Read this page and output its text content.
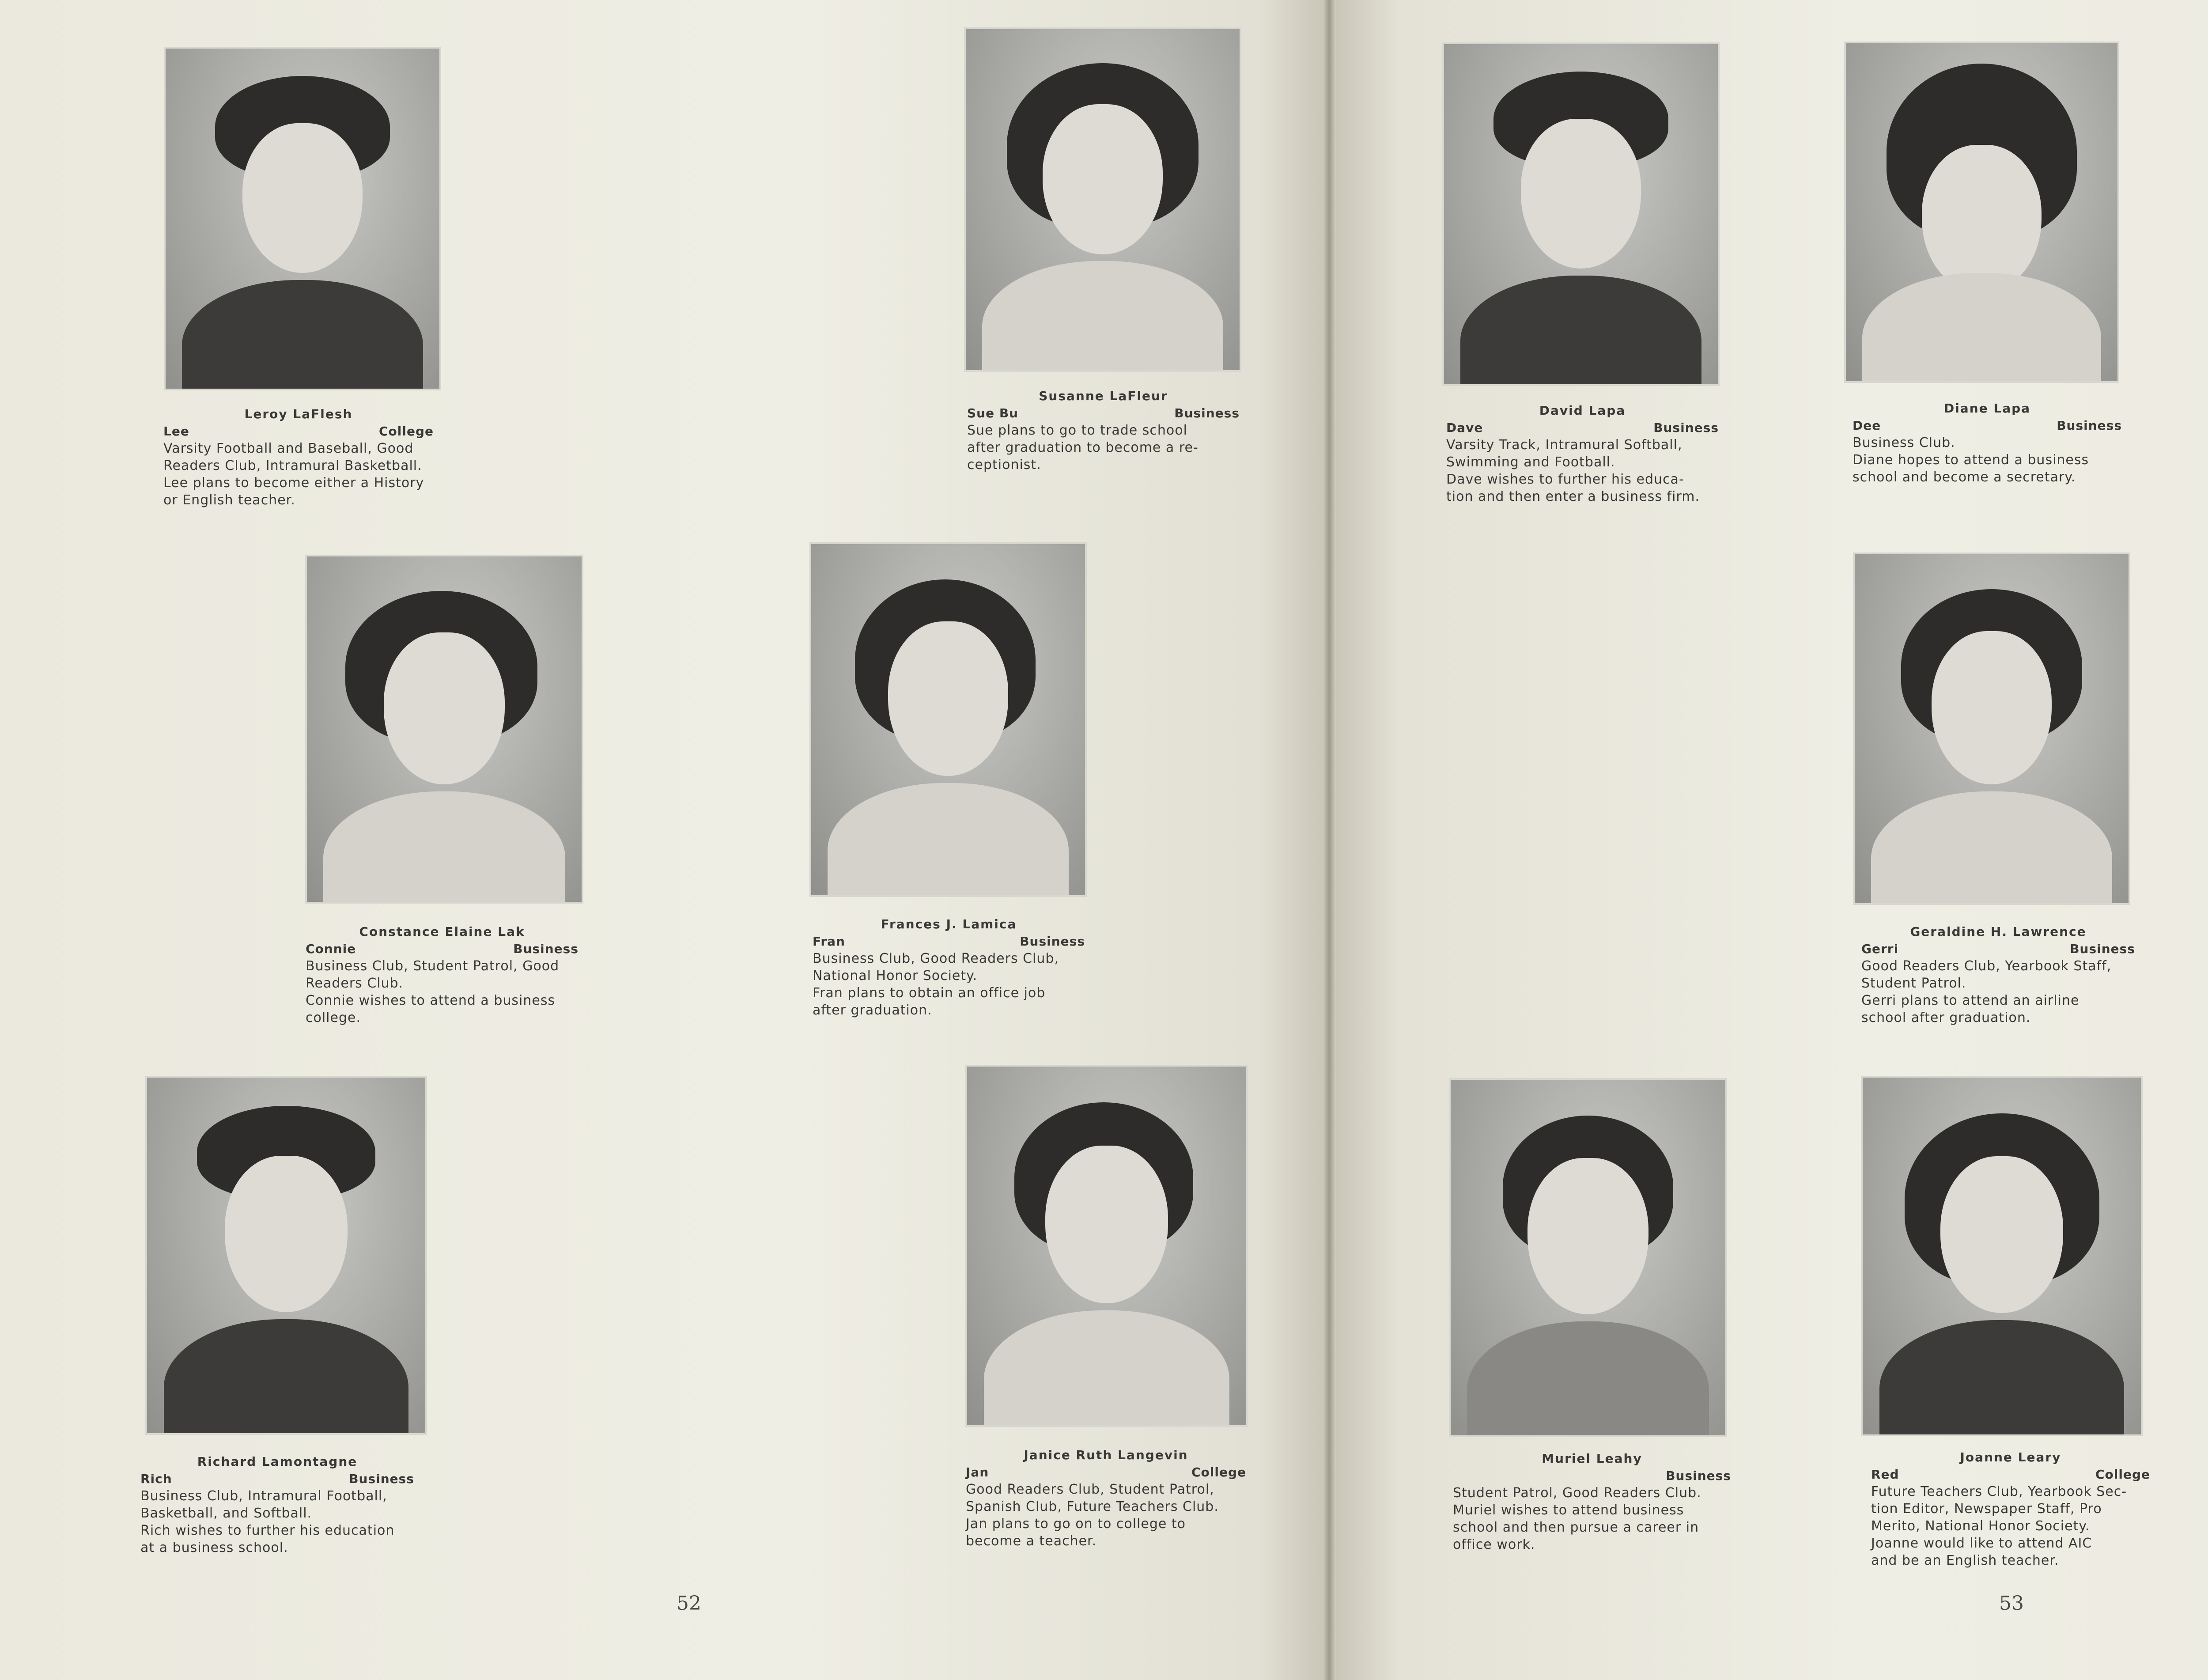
Leroy LaFlesh
Lee	College
Varsity Football and Baseball, Good
Readers Club, Intramural Basketball.
Lee plans to become either a History
or English teacher.
Susanne LaFleur
Sue Bu	Business
Sue plans to go to trade school
after graduation to become a re-
ceptionist.
Constance Elaine Lak
Connie	Business
Business Club, Student Patrol, Good
Readers Club.
Connie wishes to attend a business
college.
Frances J. Lamica
Fran	Business
Business Club, Good Readers Club,
National Honor Society.
Fran plans to obtain an office job
after graduation.
Richard Lamontagne
Rich	Business
Business Club, Intramural Football,
Basketball, and Softball.
Rich wishes to further his education
at a business school.
Janice Ruth Langevin
Jan	College
Good Readers Club, Student Patrol,
Spanish Club, Future Teachers Club.
Jan plans to go on to college to
become a teacher.
52
David Lapa
Dave	Business
Varsity Track, Intramural Softball,
Swimming and Football.
Dave wishes to further his educa-
tion and then enter a business firm.
Diane Lapa
Dee	Business
Business Club.
Diane hopes to attend a business
school and become a secretary.
Geraldine H. Lawrence
Gerri	Business
Good Readers Club, Yearbook Staff,
Student Patrol.
Gerri plans to attend an airline
school after graduation.
Muriel Leahy
Business
Student Patrol, Good Readers Club.
Muriel wishes to attend business
school and then pursue a career in
office work.
Joanne Leary
Red	College
Future Teachers Club, Yearbook Sec-
tion Editor, Newspaper Staff, Pro
Merito, National Honor Society.
Joanne would like to attend AIC
and be an English teacher.
53
